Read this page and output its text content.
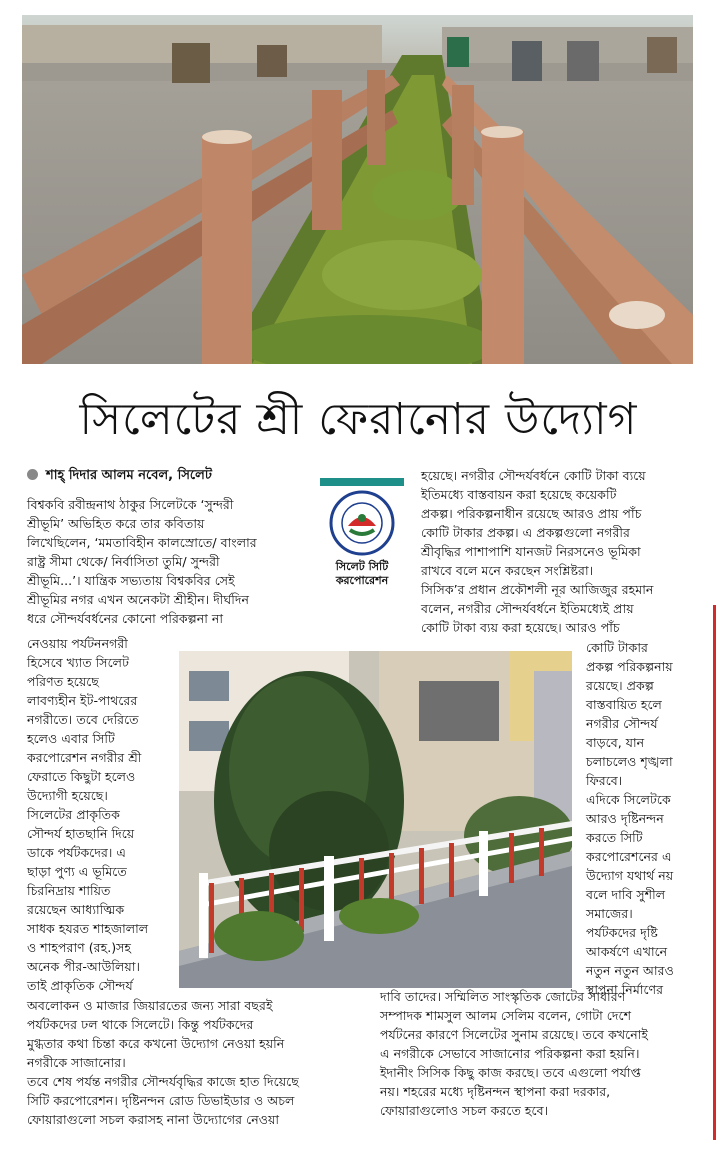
সিলেটের শ্রী ফেরানোর উদ্যোগ
শাহ্ দিদার আলম নবেল, সিলেট
বিশ্বকবি রবীন্দ্রনাথ ঠাকুর সিলেটকে ‘সুন্দরী
শ্রীভূমি’ অভিহিত করে তার কবিতায়
লিখেছিলেন, ‘মমতাবিহীন কালস্রোতে/ বাংলার
রাষ্ট্র সীমা থেকে/ নির্বাসিতা তুমি/ সুন্দরী
শ্রীভূমি...’। যান্ত্রিক সভ্যতায় বিশ্বকবির সেই
শ্রীভূমির নগর এখন অনেকটা শ্রীহীন। দীর্ঘদিন
ধরে সৌন্দর্যবর্ধনের কোনো পরিকল্পনা না
সিলেট সিটি
করপোরেশন
হয়েছে। নগরীর সৌন্দর্যবর্ধনে কোটি টাকা ব্যয়ে
ইতিমধ্যে বাস্তবায়ন করা হয়েছে কয়েকটি
প্রকল্প। পরিকল্পনাধীন রয়েছে আরও প্রায় পাঁচ
কোটি টাকার প্রকল্প। এ প্রকল্পগুলো নগরীর
শ্রীবৃদ্ধির পাশাপাশি যানজট নিরসনেও ভূমিকা
রাখবে বলে মনে করছেন সংশ্লিষ্টরা।
সিসিক’র প্রধান প্রকৌশলী নূর আজিজুর রহমান
বলেন, নগরীর সৌন্দর্যবর্ধনে ইতিমধ্যেই প্রায়
কোটি টাকা ব্যয় করা হয়েছে। আরও পাঁচ
নেওয়ায় পর্যটননগরী
হিসেবে খ্যাত সিলেট
পরিণত হয়েছে
লাবণ্যহীন ইট-পাথরের
নগরীতে। তবে দেরিতে
হলেও এবার সিটি
করপোরেশন নগরীর শ্রী
ফেরাতে কিছুটা হলেও
উদ্যোগী হয়েছে।
সিলেটের প্রাকৃতিক
সৌন্দর্য হাতছানি দিয়ে
ডাকে পর্যটকদের। এ
ছাড়া পুণ্য এ ভূমিতে
চিরনিদ্রায় শায়িত
রয়েছেন আধ্যাত্মিক
সাধক হযরত শাহজালাল
ও শাহপরাণ (রহ.)সহ
অনেক পীর-আউলিয়া।
তাই প্রাকৃতিক সৌন্দর্য
কোটি টাকার
প্রকল্প পরিকল্পনায়
রয়েছে। প্রকল্প
বাস্তবায়িত হলে
নগরীর সৌন্দর্য
বাড়বে, যান
চলাচলেও শৃঙ্খলা
ফিরবে।
এদিকে সিলেটকে
আরও দৃষ্টিনন্দন
করতে সিটি
করপোরেশনের এ
উদ্যোগ যথার্থ নয়
বলে দাবি সুশীল
সমাজের।
পর্যটকদের দৃষ্টি
আকর্ষণে এখানে
নতুন নতুন আরও
স্থাপনা নির্মাণের
অবলোকন ও মাজার জিয়ারতের জন্য সারা বছরই
পর্যটকদের ঢল থাকে সিলেটে। কিন্তু পর্যটকদের
মুগ্ধতার কথা চিন্তা করে কখনো উদ্যোগ নেওয়া হয়নি
নগরীকে সাজানোর।
তবে শেষ পর্যন্ত নগরীর সৌন্দর্যবৃদ্ধির কাজে হাত দিয়েছে
সিটি করপোরেশন। দৃষ্টিনন্দন রোড ডিভাইডার ও অচল
ফোয়ারাগুলো সচল করাসহ নানা উদ্যোগের নেওয়া
দাবি তাদের। সম্মিলিত সাংস্কৃতিক জোটের সাধারণ
সম্পাদক শামসুল আলম সেলিম বলেন, গোটা দেশে
পর্যটনের কারণে সিলেটের সুনাম রয়েছে। তবে কখনোই
এ নগরীকে সেভাবে সাজানোর পরিকল্পনা করা হয়নি।
ইদানীং সিসিক কিছু কাজ করছে। তবে এগুলো পর্যাপ্ত
নয়। শহরের মধ্যে দৃষ্টিনন্দন স্থাপনা করা দরকার,
ফোয়ারাগুলোও সচল করতে হবে।
